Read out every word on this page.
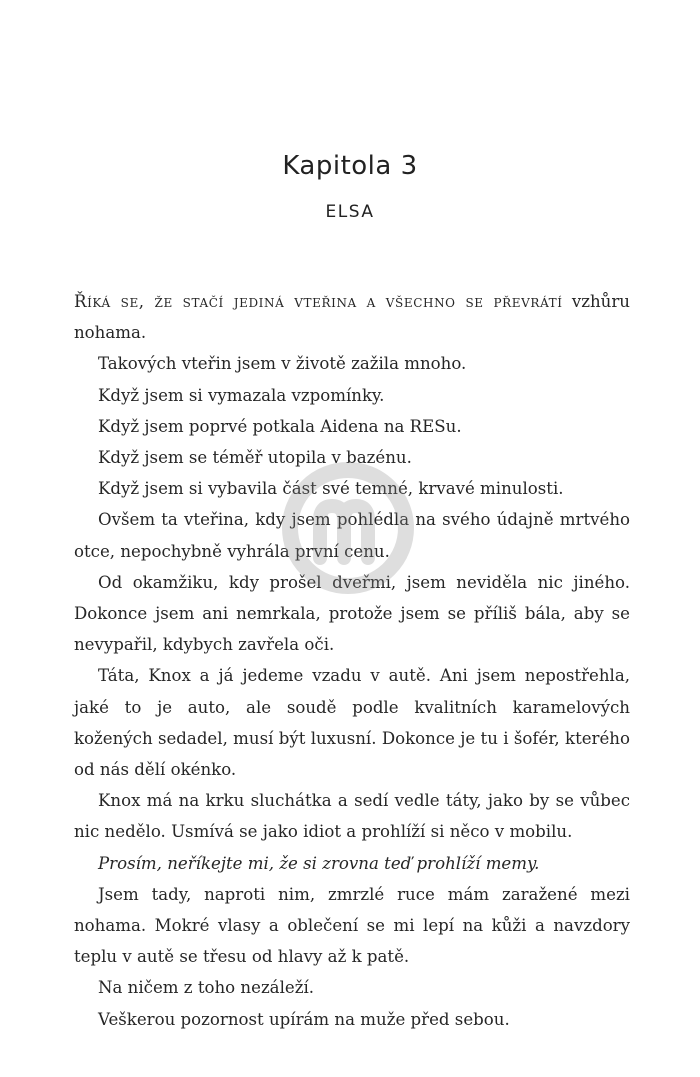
Kapitola 3
ELSA

Říká se, že stačí jediná vteřina a všechno se převrátí vzhůru nohama.

Takových vteřin jsem v životě zažila mnoho.

Když jsem si vymazala vzpomínky.

Když jsem poprvé potkala Aidena na RESu.

Když jsem se téměř utopila v bazénu.

Když jsem si vybavila část své temné, krvavé minulosti.

Ovšem ta vteřina, kdy jsem pohlédla na svého údajně mrtvého otce, nepochybně vyhrála první cenu.

Od okamžiku, kdy prošel dveřmi, jsem neviděla nic jiného. Dokonce jsem ani nemrkala, protože jsem se příliš bála, aby se nevypařil, kdybych zavřela oči.

Táta, Knox a já jedeme vzadu v autě. Ani jsem nepostřehla, jaké to je auto, ale soudě podle kvalitních karamelových kožených sedadel, musí být luxusní. Dokonce je tu i šofér, kterého od nás dělí okénko.

Knox má na krku sluchátka a sedí vedle táty, jako by se vůbec nic nedělo. Usmívá se jako idiot a prohlíží si něco v mobilu.

Prosím, neříkejte mi, že si zrovna teď prohlíží memy.

Jsem tady, naproti nim, zmrzlé ruce mám zaražené mezi nohama. Mokré vlasy a oblečení se mi lepí na kůži a navzdory teplu v autě se třesu od hlavy až k patě.

Na ničem z toho nezáleží.

Veškerou pozornost upírám na muže před sebou.
